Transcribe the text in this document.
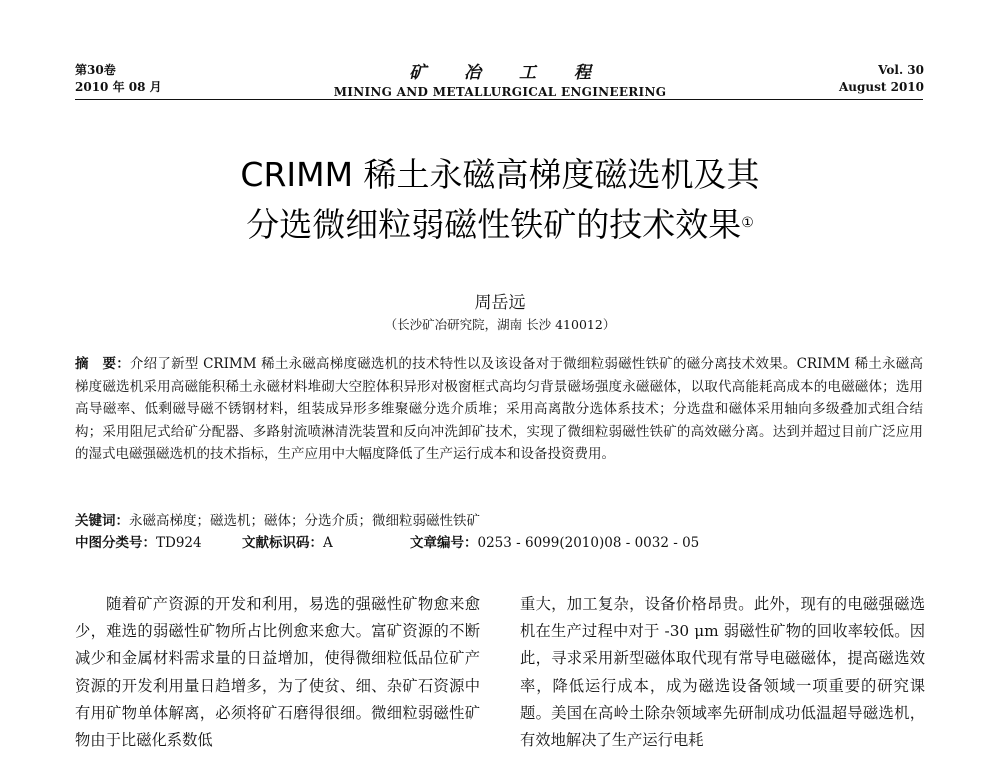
第30卷
2010 年 08 月
矿 冶 工 程
MINING AND METALLURGICAL ENGINEERING
Vol. 30
August 2010
CRIMM 稀土永磁高梯度磁选机及其
分选微细粒弱磁性铁矿的技术效果①
周岳远
（长沙矿冶研究院，湖南 长沙 410012）
摘　要：介绍了新型 CRIMM 稀土永磁高梯度磁选机的技术特性以及该设备对于微细粒弱磁性铁矿的磁分离技术效果。CRIMM 稀土永磁高梯度磁选机采用高磁能积稀土永磁材料堆砌大空腔体积异形对极窗框式高均匀背景磁场强度永磁磁体，以取代高能耗高成本的电磁磁体；选用高导磁率、低剩磁导磁不锈钢材料，组装成异形多维聚磁分选介质堆；采用高离散分选体系技术；分选盘和磁体采用轴向多级叠加式组合结构；采用阻尼式给矿分配器、多路射流喷淋清洗装置和反向冲洗卸矿技术，实现了微细粒弱磁性铁矿的高效磁分离。达到并超过目前广泛应用的湿式电磁强磁选机的技术指标，生产应用中大幅度降低了生产运行成本和设备投资费用。
关键词：永磁高梯度；磁选机；磁体；分选介质；微细粒弱磁性铁矿
中图分类号：TD924	文献标识码：A	文章编号：0253 - 6099(2010)08 - 0032 - 05
随着矿产资源的开发和利用，易选的强磁性矿物愈来愈少，难选的弱磁性矿物所占比例愈来愈大。富矿资源的不断减少和金属材料需求量的日益增加，使得微细粒低品位矿产资源的开发利用量日趋增多，为了使贫、细、杂矿石资源中有用矿物单体解离，必须将矿石磨得很细。微细粒弱磁性矿物由于比磁化系数低
重大，加工复杂，设备价格昂贵。此外，现有的电磁强磁选机在生产过程中对于 -30 μm 弱磁性矿物的回收率较低。因此，寻求采用新型磁体取代现有常导电磁磁体，提高磁选效率，降低运行成本，成为磁选设备领域一项重要的研究课题。美国在高岭土除杂领域率先研制成功低温超导磁选机，有效地解决了生产运行电耗
